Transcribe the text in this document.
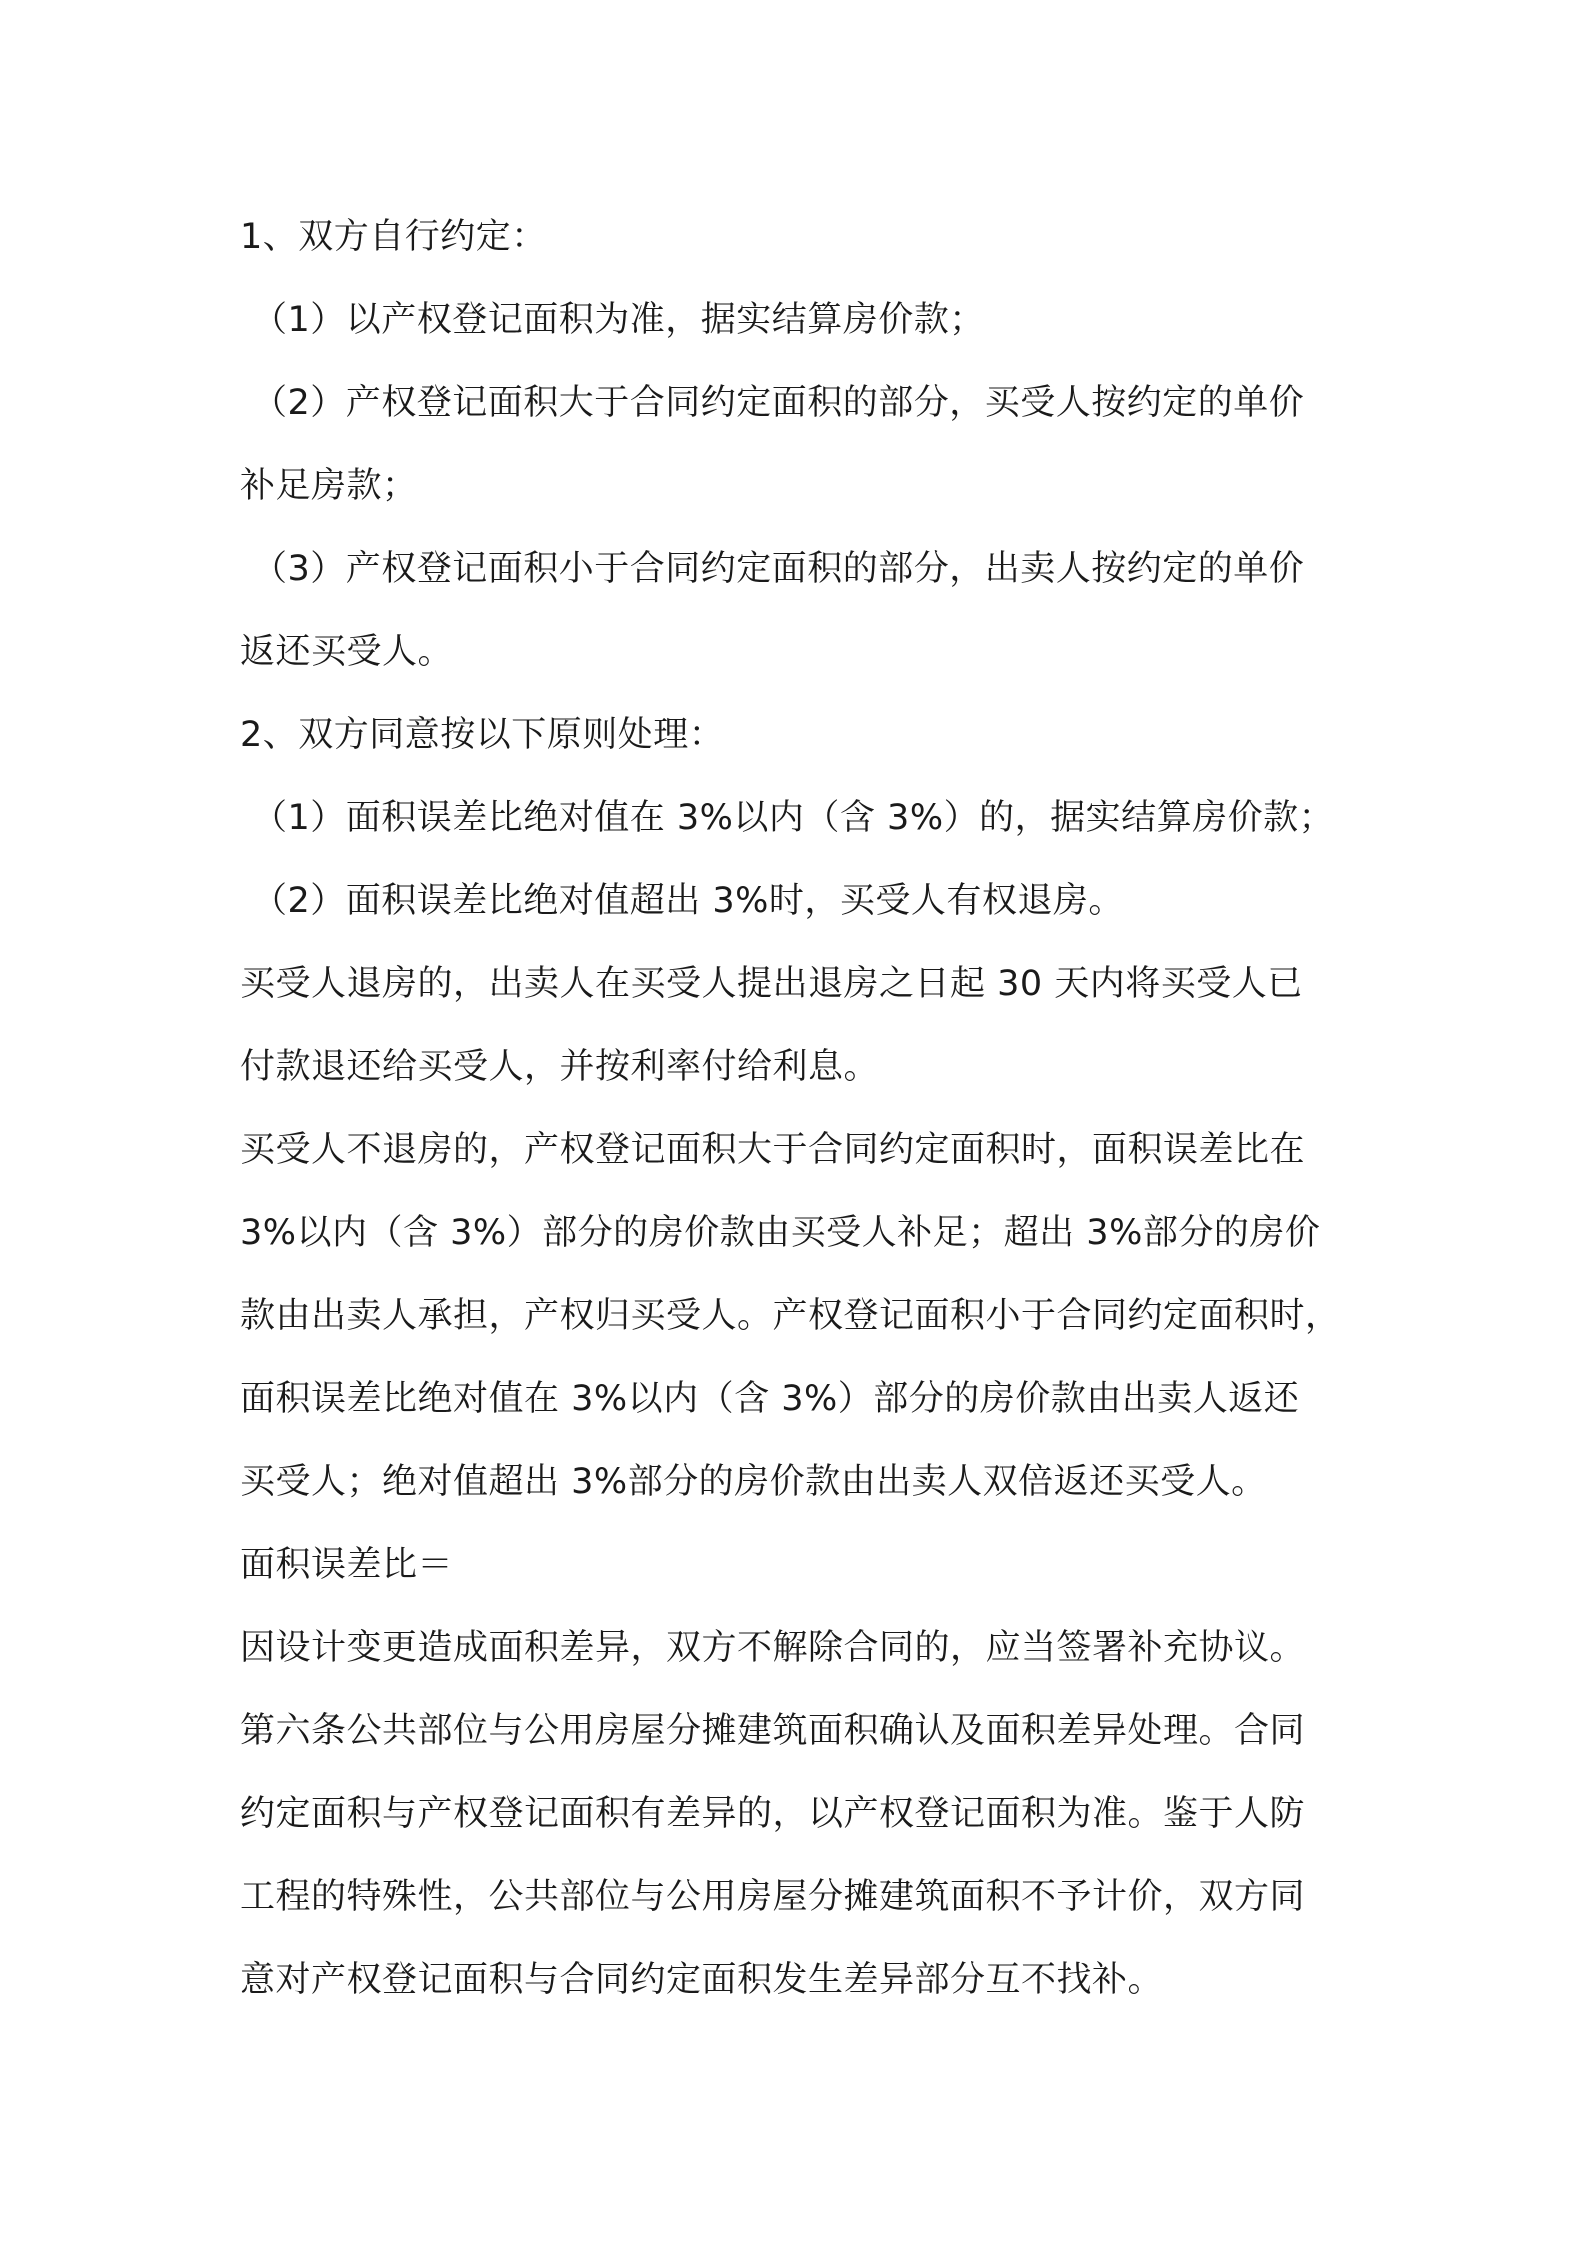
1、双方自行约定：
（1）以产权登记面积为准，据实结算房价款；
（2）产权登记面积大于合同约定面积的部分，买受人按约定的单价
补足房款；
（3）产权登记面积小于合同约定面积的部分，出卖人按约定的单价
返还买受人。
2、双方同意按以下原则处理：
（1）面积误差比绝对值在 3%以内（含 3%）的，据实结算房价款；
（2）面积误差比绝对值超出 3%时，买受人有权退房。
买受人退房的，出卖人在买受人提出退房之日起 30 天内将买受人已
付款退还给买受人，并按利率付给利息。
买受人不退房的，产权登记面积大于合同约定面积时，面积误差比在
3%以内（含 3%）部分的房价款由买受人补足；超出 3%部分的房价
款由出卖人承担，产权归买受人。产权登记面积小于合同约定面积时，
面积误差比绝对值在 3%以内（含 3%）部分的房价款由出卖人返还
买受人；绝对值超出 3%部分的房价款由出卖人双倍返还买受人。
面积误差比＝
因设计变更造成面积差异，双方不解除合同的，应当签署补充协议。
第六条公共部位与公用房屋分摊建筑面积确认及面积差异处理。合同
约定面积与产权登记面积有差异的，以产权登记面积为准。鉴于人防
工程的特殊性，公共部位与公用房屋分摊建筑面积不予计价，双方同
意对产权登记面积与合同约定面积发生差异部分互不找补。
